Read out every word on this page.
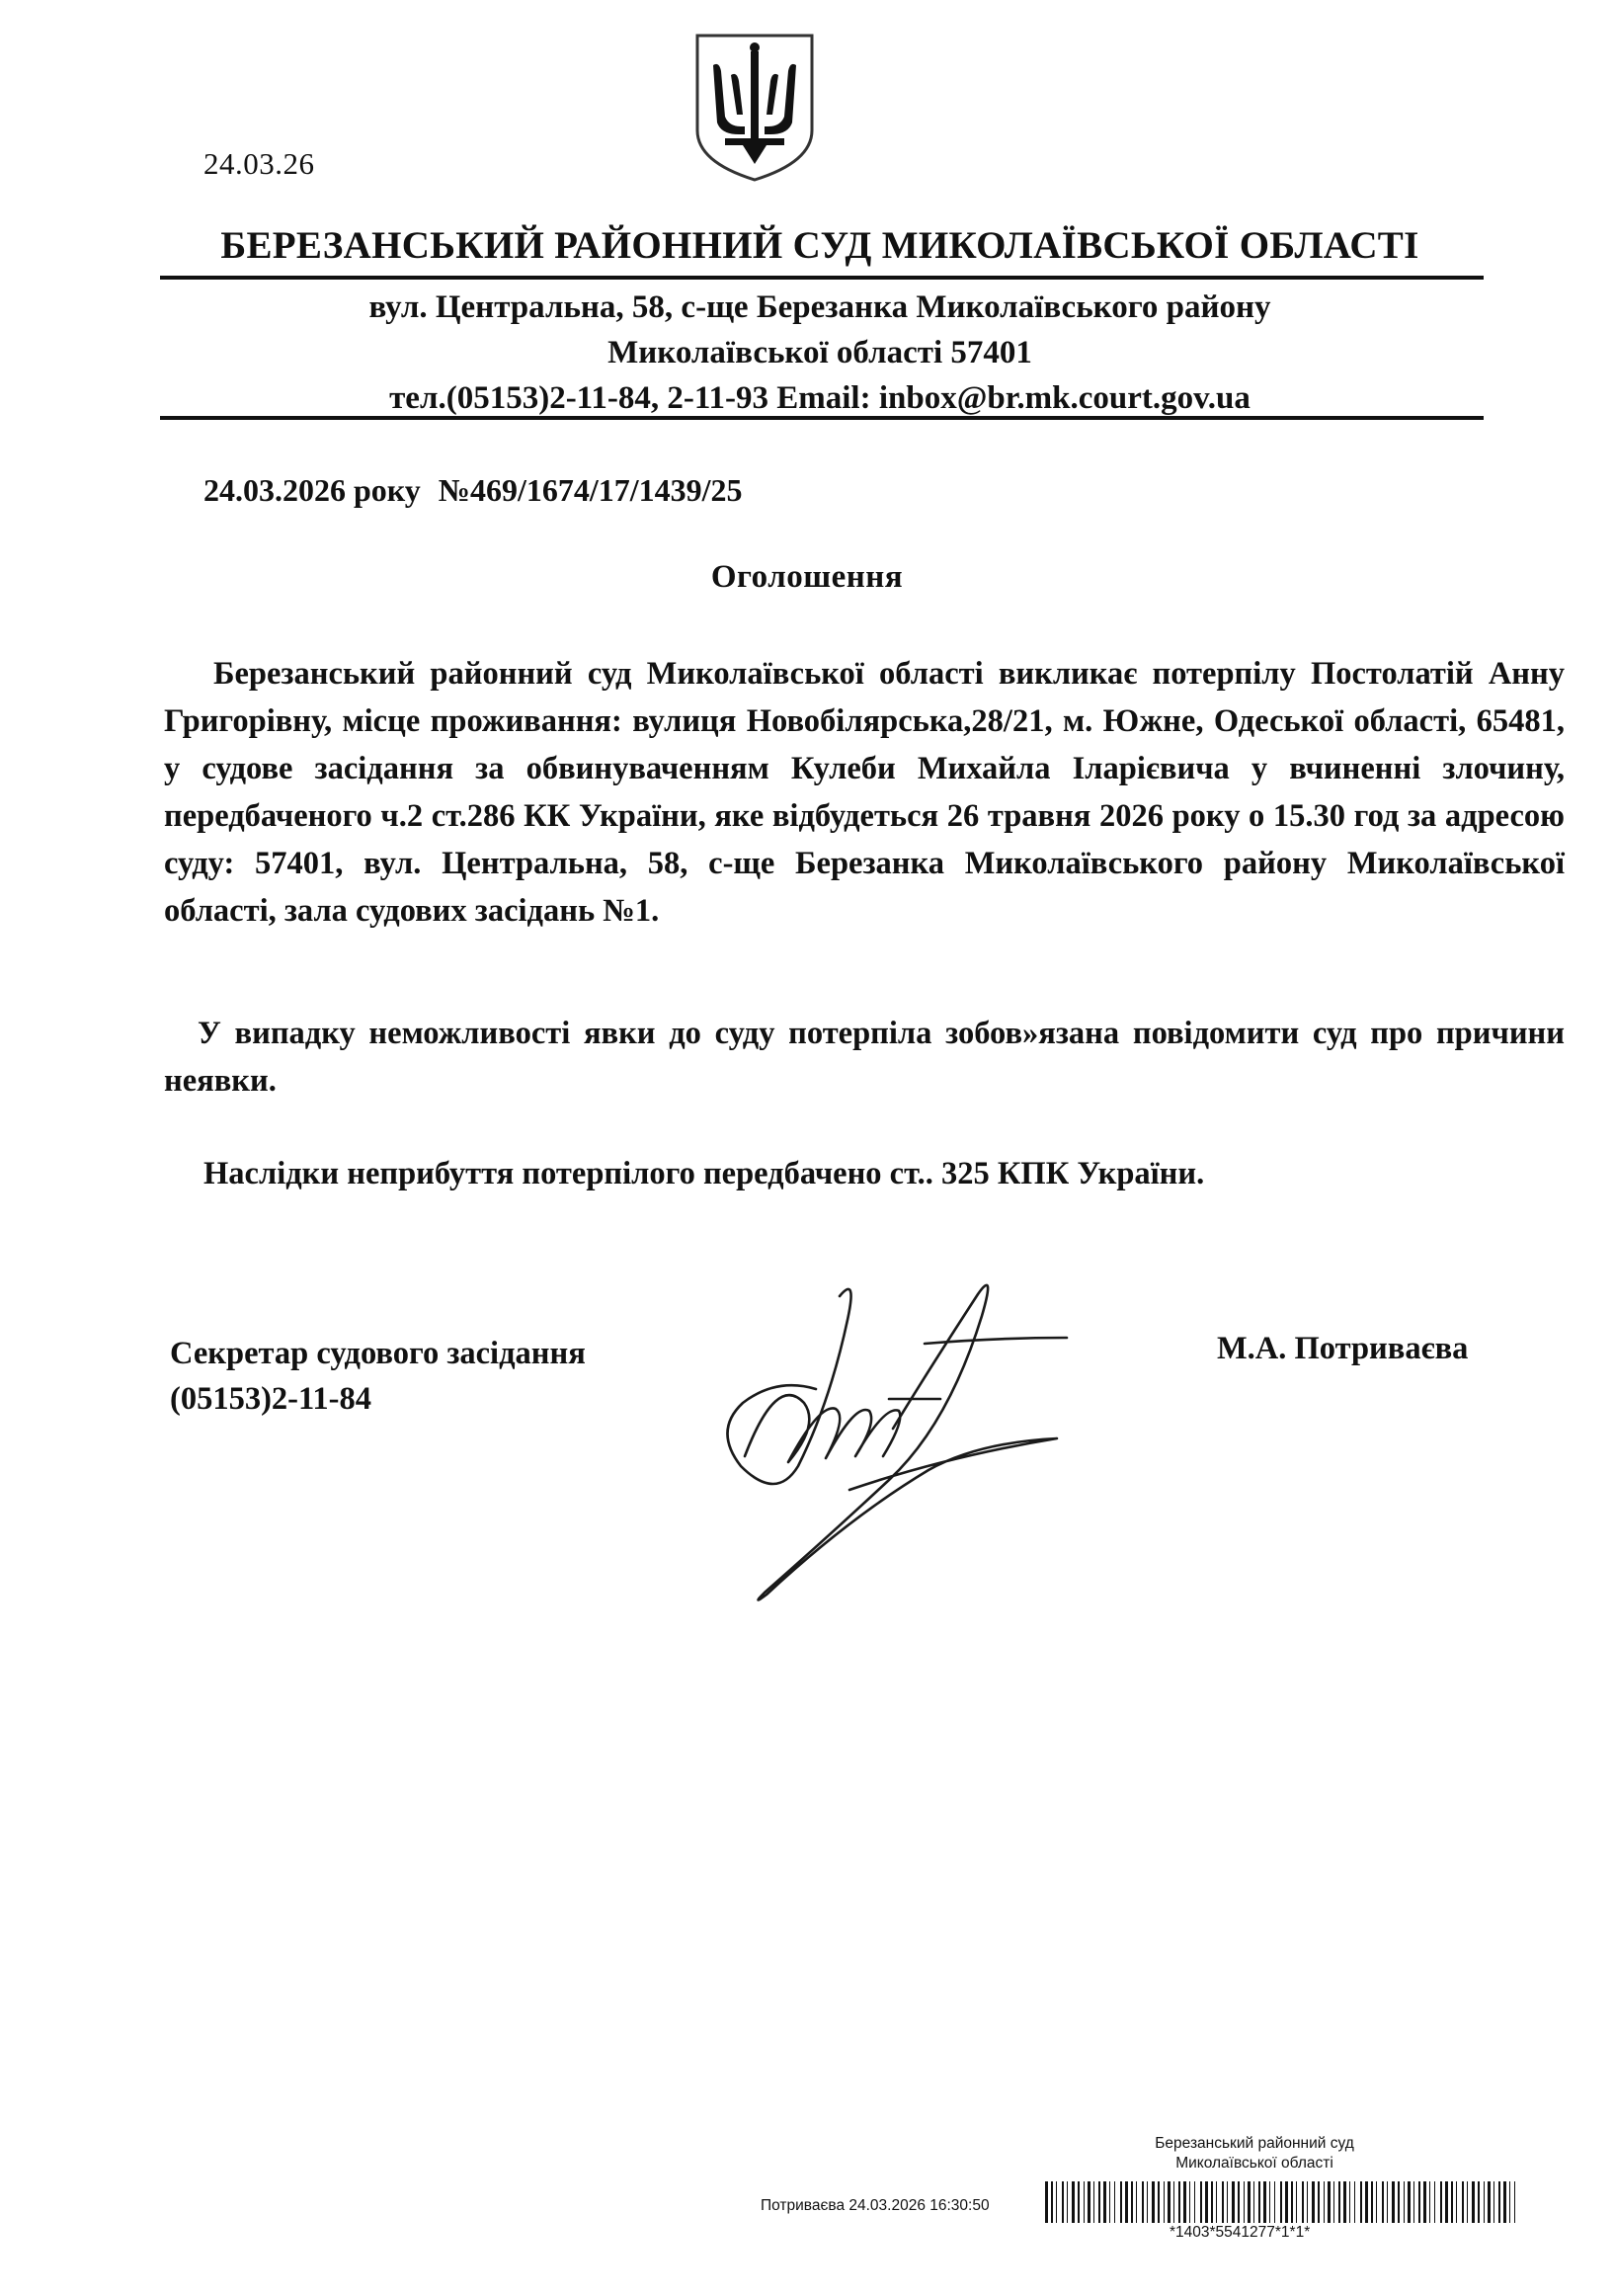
24.03.26
БЕРЕЗАНСЬКИЙ РАЙОННИЙ СУД МИКОЛАЇВСЬКОЇ ОБЛАСТІ
вул. Центральна, 58, с-ще Березанка Миколаївського району
Миколаївської області 57401
тел.(05153)2-11-84, 2-11-93 Email: inbox@br.mk.court.gov.ua
24.03.2026 року №469/1674/17/1439/25
Оголошення
Березанський районний суд Миколаївської області викликає потерпілу Постолатій Анну Григорівну, місце проживання: вулиця Новобілярська,28/21, м. Южне, Одеської області, 65481, у судове засідання за обвинуваченням Кулеби Михайла Іларієвича у вчиненні злочину, передбаченого ч.2 ст.286 КК України, яке відбудеться 26 травня 2026 року о 15.30 год за адресою суду: 57401, вул. Центральна, 58, с-ще Березанка Миколаївського району Миколаївської області, зала судових засідань №1.
У випадку неможливості явки до суду потерпіла зобов»язана повідомити суд про причини неявки.
Наслідки неприбуття потерпілого передбачено ст.. 325 КПК України.
Секретар судового засідання
(05153)2-11-84
М.А. Потриваєва
Березанський районний суд
Миколаївської області
Потриваєва 24.03.2026 16:30:50
*1403*5541277*1*1*
